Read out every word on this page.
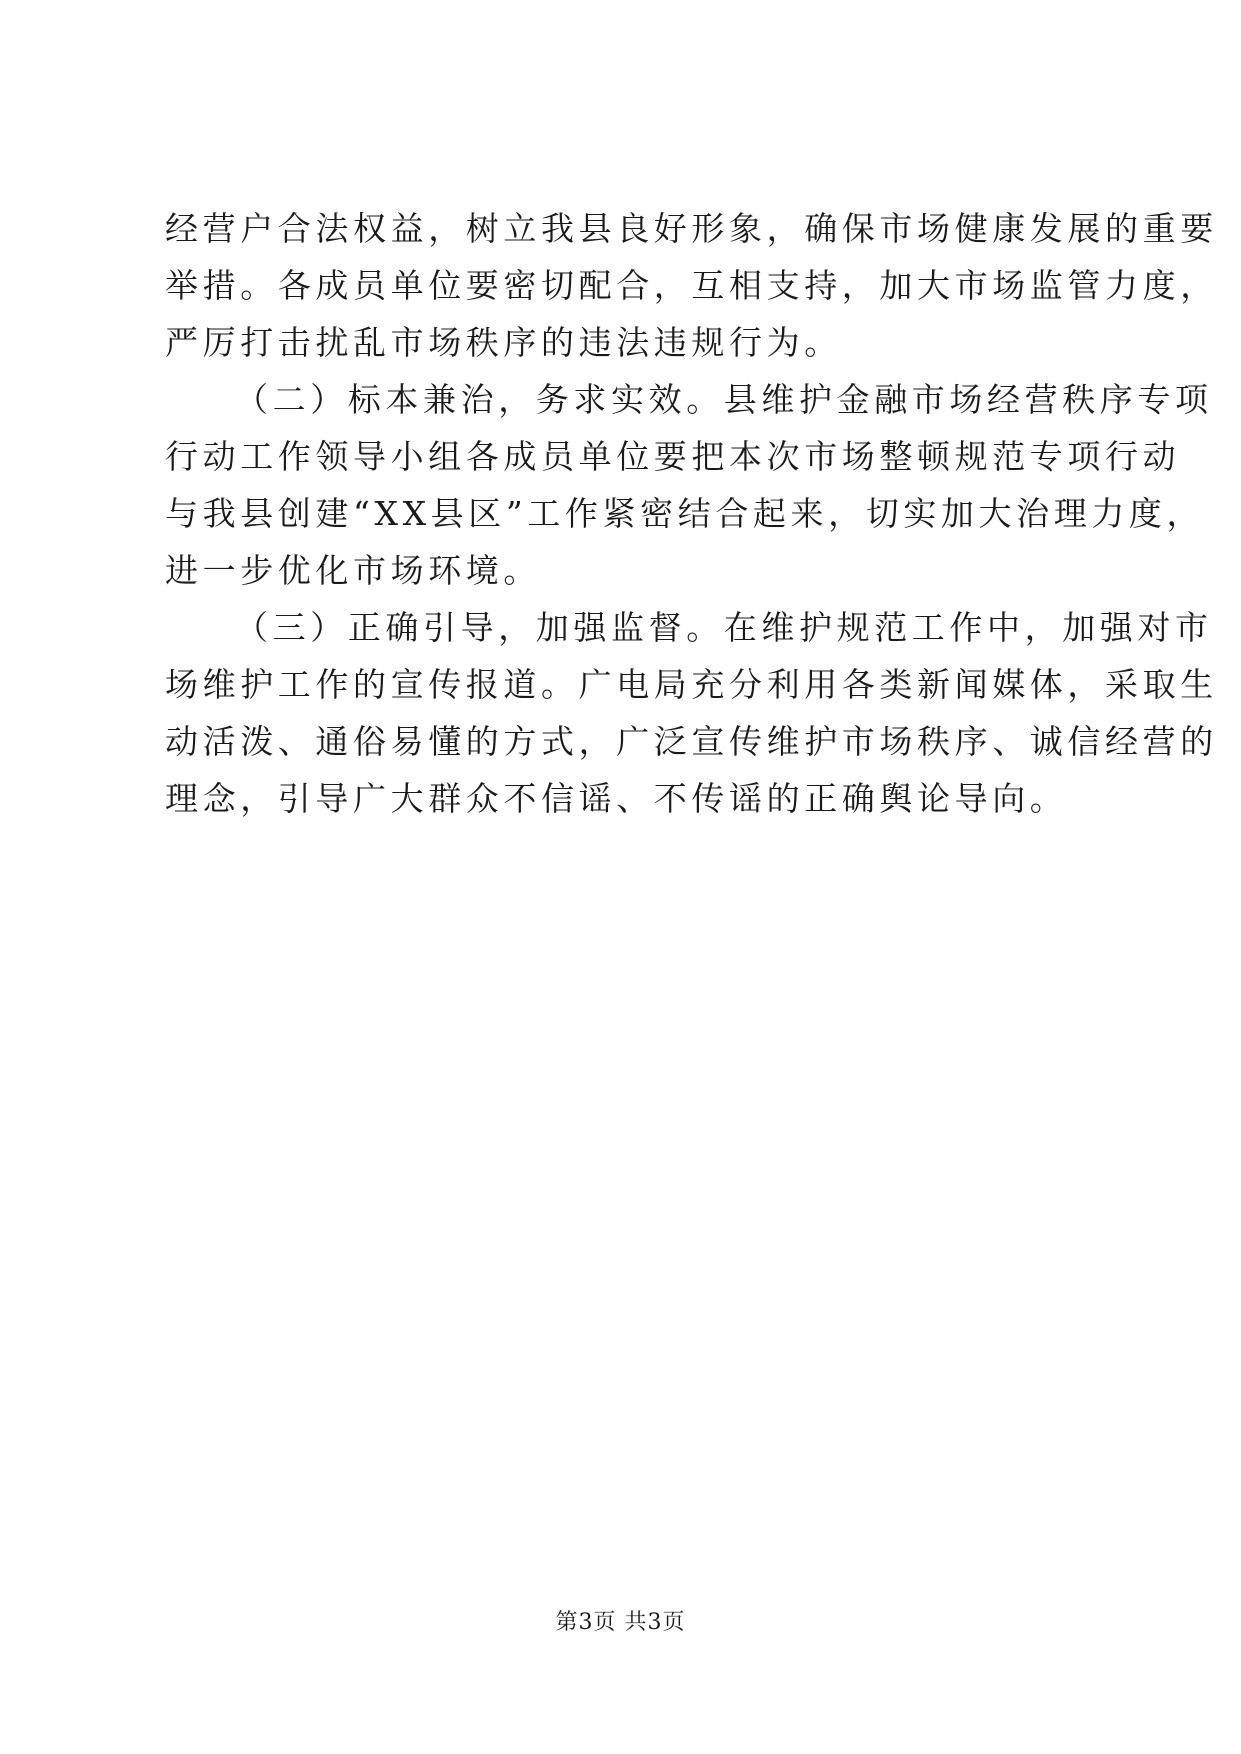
经营户合法权益，树立我县良好形象，确保市场健康发展的重要
举措。各成员单位要密切配合，互相支持，加大市场监管力度，
严厉打击扰乱市场秩序的违法违规行为。
（二）标本兼治，务求实效。县维护金融市场经营秩序专项
行动工作领导小组各成员单位要把本次市场整顿规范专项行动
与我县创建“XX县区”工作紧密结合起来，切实加大治理力度，
进一步优化市场环境。
（三）正确引导，加强监督。在维护规范工作中，加强对市
场维护工作的宣传报道。广电局充分利用各类新闻媒体，采取生
动活泼、通俗易懂的方式，广泛宣传维护市场秩序、诚信经营的
理念，引导广大群众不信谣、不传谣的正确舆论导向。
第3页 共3页
